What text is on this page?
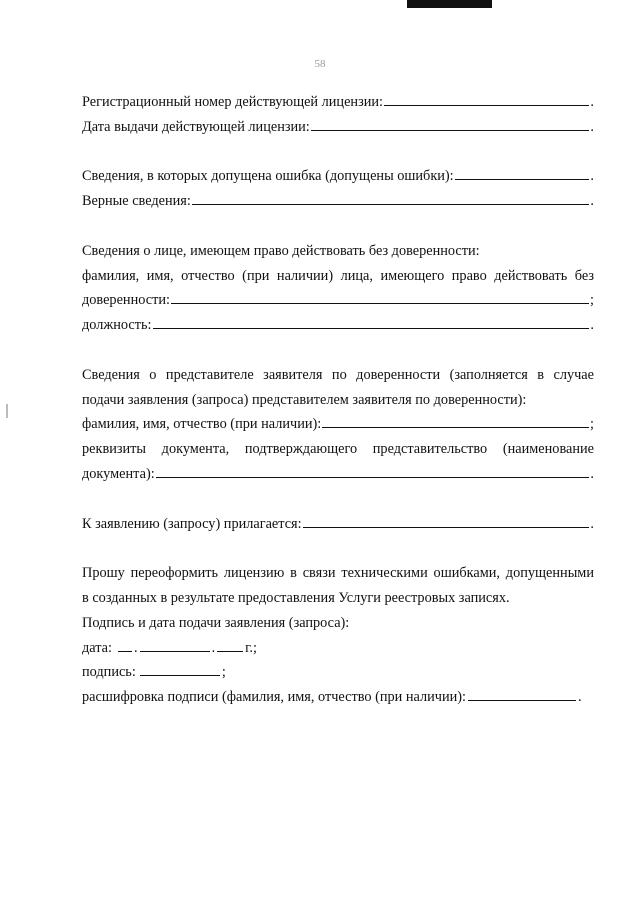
58
Регистрационный номер действующей лицензии:	.
Дата выдачи действующей лицензии:	.
Сведения, в которых допущена ошибка (допущены ошибки):	.
Верные сведения:	.
Сведения о лице, имеющем право действовать без доверенности:
фамилия, имя, отчество (при наличии) лица, имеющего право действовать без
доверенности:	;
должность:	.
Сведения о представителе заявителя по доверенности (заполняется в случае
подачи заявления (запроса) представителем заявителя по доверенности):
фамилия, имя, отчество (при наличии):	;
реквизиты документа, подтверждающего представительство (наименование
документа):	.
К заявлению (запросу) прилагается:	.
Прошу переоформить лицензию в связи техническими ошибками, допущенными
в созданных в результате предоставления Услуги реестровых записях.
Подпись и дата подачи заявления (запроса):
дата: .	. г.;
подпись:	;
расшифровка подписи (фамилия, имя, отчество (при наличии):	.
